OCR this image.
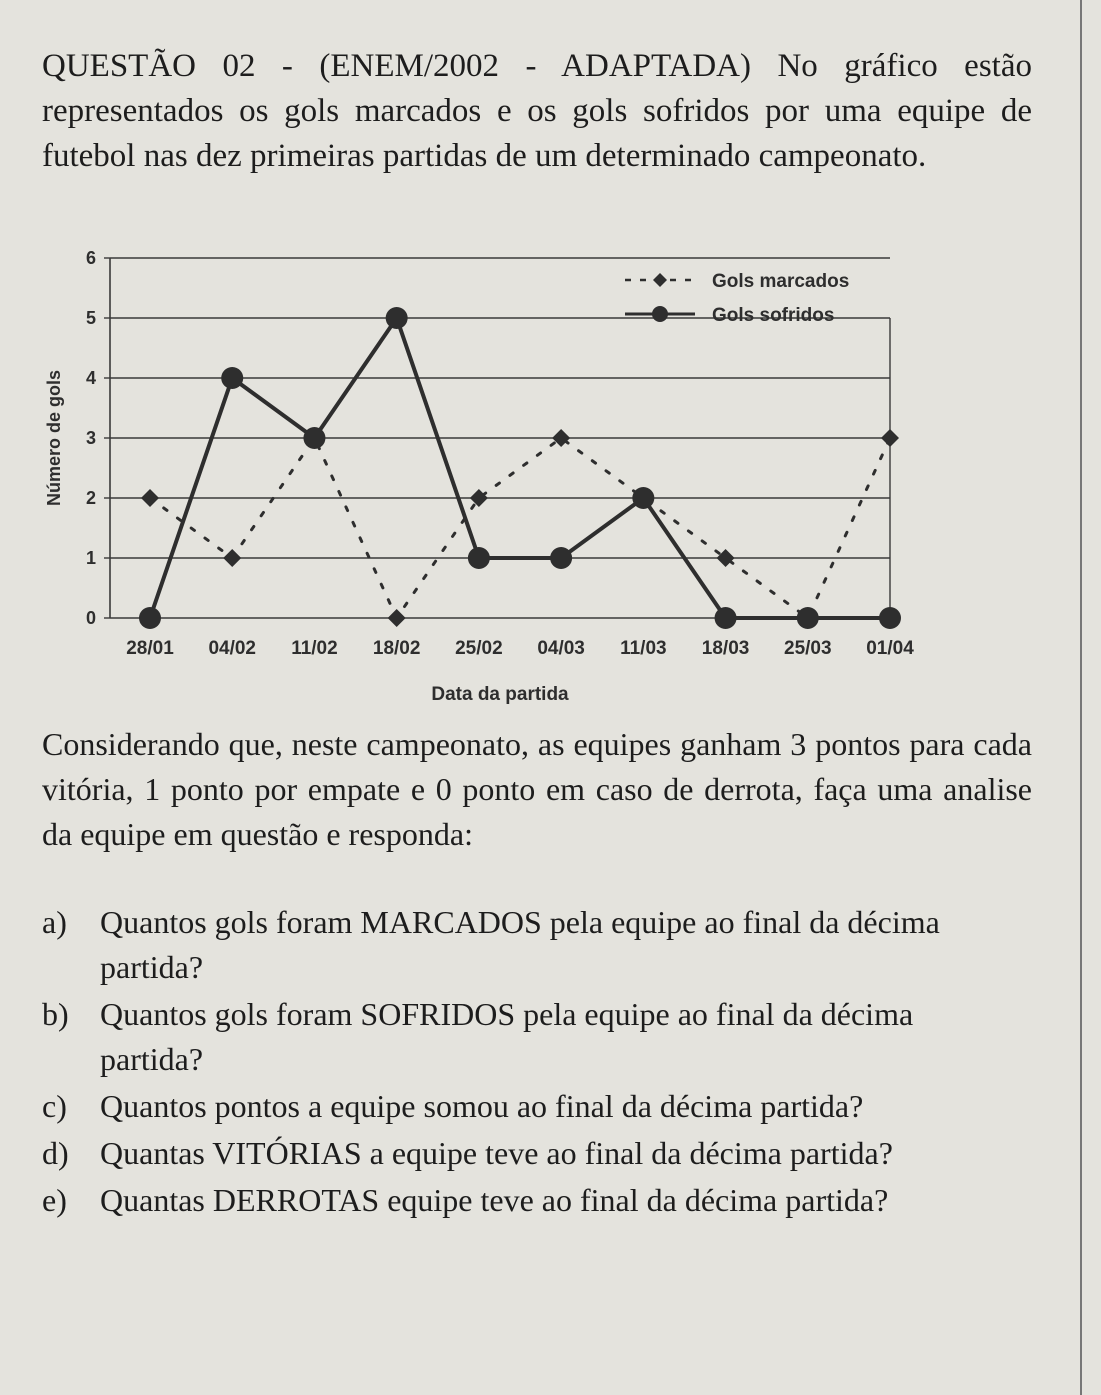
QUESTÃO 02 - (ENEM/2002 - ADAPTADA) No gráfico estão representados os gols marcados e os gols sofridos por uma equipe de futebol nas dez primeiras partidas de um determinado campeonato.

0
1
2
3
4
5
6
28/01 04/02 11/02 18/02 25/02 04/03 11/03 18/03 25/03 01/04
Data da partida
Número de gols
Gols marcados
Gols sofridos

Considerando que, neste campeonato, as equipes ganham 3 pontos para cada vitória, 1 ponto por empate e 0 ponto em caso de derrota, faça uma analise da equipe em questão e responda:

a)	Quantos gols foram MARCADOS pela equipe ao final da décima partida?
b) Quantos gols foram SOFRIDOS pela equipe ao final da décima partida?
c)	Quantos pontos a equipe somou ao final da décima partida?
d) Quantas VITÓRIAS a equipe teve ao final da décima partida?
e)	Quantas DERROTAS equipe teve ao final da décima partida?
